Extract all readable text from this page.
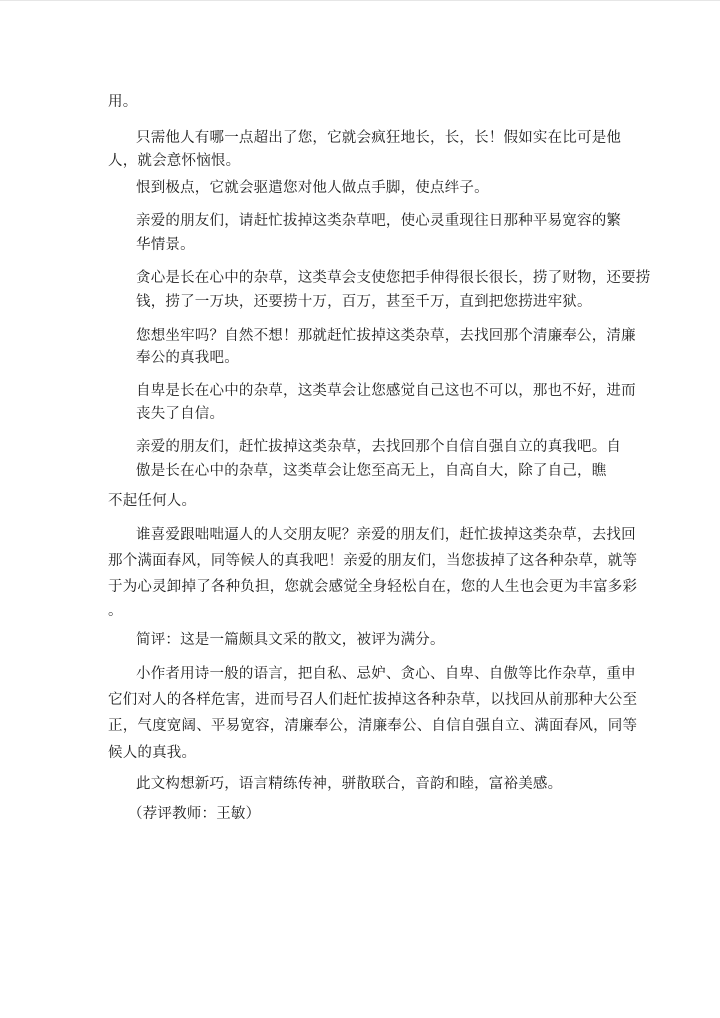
用。
只需他人有哪一点超出了您，它就会疯狂地长，长，长！假如实在比可是他
人，就会意怀恼恨。
恨到极点，它就会驱遣您对他人做点手脚，使点绊子。
亲爱的朋友们，请赶忙拔掉这类杂草吧，使心灵重现往日那种平易宽容的繁
华情景。
贪心是长在心中的杂草，这类草会支使您把手伸得很长很长，捞了财物，还要捞
钱，捞了一万块，还要捞十万，百万，甚至千万，直到把您捞进牢狱。
您想坐牢吗？自然不想！那就赶忙拔掉这类杂草，去找回那个清廉奉公，清廉
奉公的真我吧。
自卑是长在心中的杂草，这类草会让您感觉自己这也不可以，那也不好，进而
丧失了自信。
亲爱的朋友们，赶忙拔掉这类杂草，去找回那个自信自强自立的真我吧。自
傲是长在心中的杂草，这类草会让您至高无上，自高自大，除了自己，瞧
不起任何人。
谁喜爱跟咄咄逼人的人交朋友呢？亲爱的朋友们，赶忙拔掉这类杂草，去找回
那个满面春风，同等候人的真我吧！亲爱的朋友们，当您拔掉了这各种杂草，就等
于为心灵卸掉了各种负担，您就会感觉全身轻松自在，您的人生也会更为丰富多彩
。
简评：这是一篇颇具文采的散文，被评为满分。
小作者用诗一般的语言，把自私、忌妒、贪心、自卑、自傲等比作杂草，重申
它们对人的各样危害，进而号召人们赶忙拔掉这各种杂草，以找回从前那种大公至
正，气度宽阔、平易宽容，清廉奉公，清廉奉公、自信自强自立、满面春风，同等
候人的真我。
此文构想新巧，语言精练传神，骈散联合，音韵和睦，富裕美感。
（荐评教师：王敏）
